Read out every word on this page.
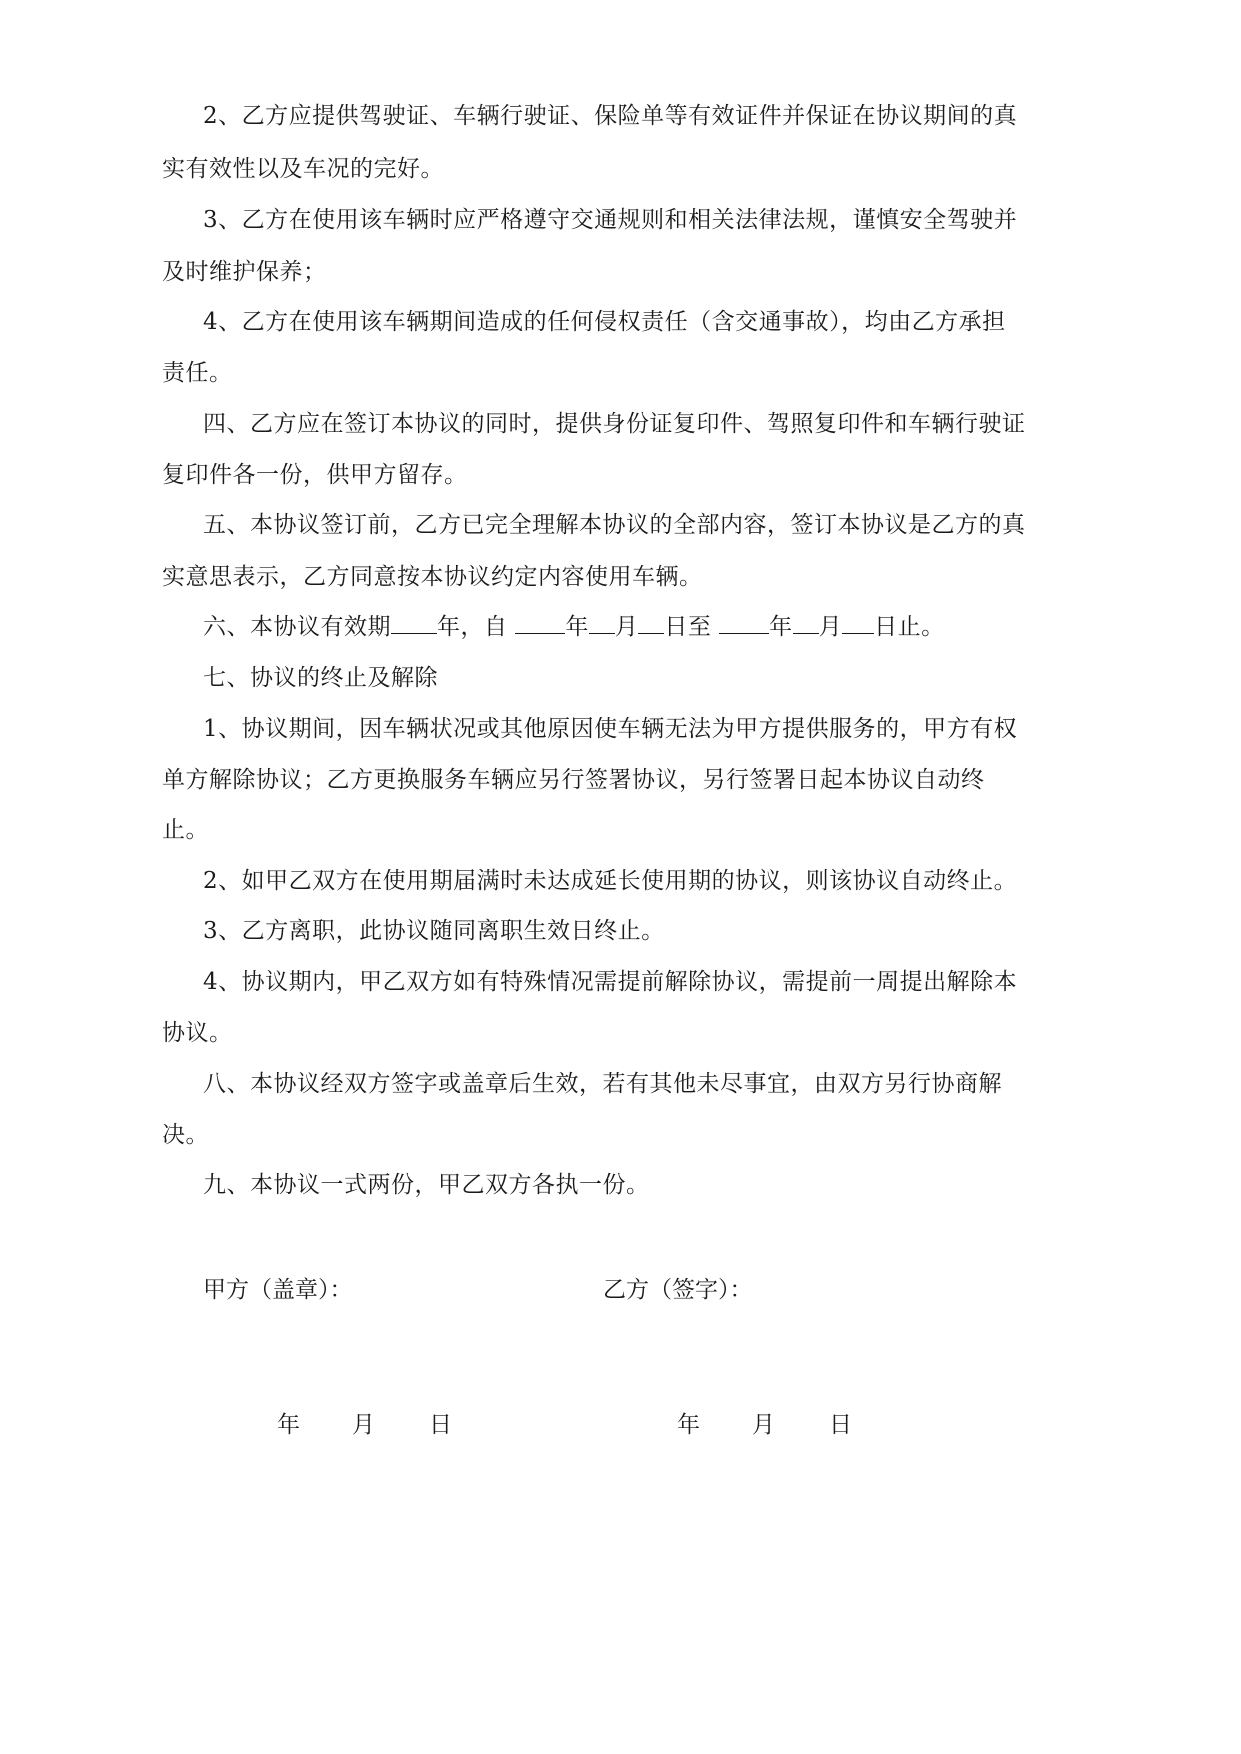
2、乙方应提供驾驶证、车辆行驶证、保险单等有效证件并保证在协议期间的真
实有效性以及车况的完好。
3、乙方在使用该车辆时应严格遵守交通规则和相关法律法规，谨慎安全驾驶并
及时维护保养；
4、乙方在使用该车辆期间造成的任何侵权责任（含交通事故），均由乙方承担
责任。
四、乙方应在签订本协议的同时，提供身份证复印件、驾照复印件和车辆行驶证
复印件各一份，供甲方留存。
五、本协议签订前，乙方已完全理解本协议的全部内容，签订本协议是乙方的真
实意思表示，乙方同意按本协议约定内容使用车辆。
六、本协议有效期 年，自 年 月 日至 年 月 日止。
七、协议的终止及解除
1、协议期间，因车辆状况或其他原因使车辆无法为甲方提供服务的，甲方有权
单方解除协议；乙方更换服务车辆应另行签署协议，另行签署日起本协议自动终
止。
2、如甲乙双方在使用期届满时未达成延长使用期的协议，则该协议自动终止。
3、乙方离职，此协议随同离职生效日终止。
4、协议期内，甲乙双方如有特殊情况需提前解除协议，需提前一周提出解除本
协议。
八、本协议经双方签字或盖章后生效，若有其他未尽事宜，由双方另行协商解
决。
九、本协议一式两份，甲乙双方各执一份。
甲方（盖章）：	乙方（签字）：
年 月 日	年 月 日
